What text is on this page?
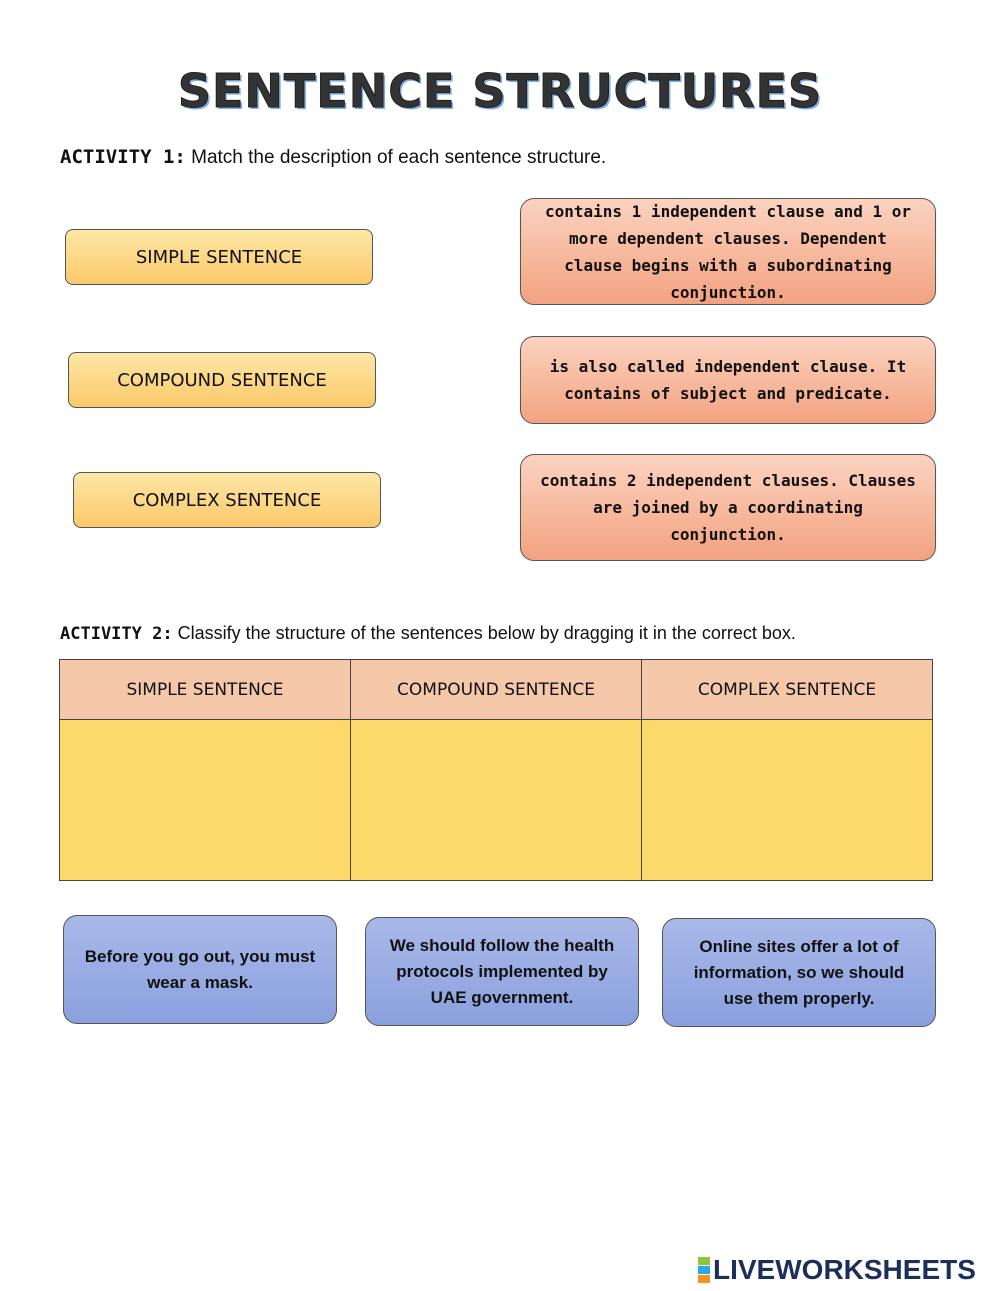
SENTENCE STRUCTURES
ACTIVITY 1: Match the description of each sentence structure.
SIMPLE SENTENCE
COMPOUND SENTENCE
COMPLEX SENTENCE
contains 1 independent clause and 1 or more dependent clauses. Dependent clause begins with a subordinating conjunction.
is also called independent clause. It contains of subject and predicate.
contains 2 independent clauses. Clauses are joined by a coordinating conjunction.
ACTIVITY 2: Classify the structure of the sentences below by dragging it in the correct box.
SIMPLE SENTENCE	COMPOUND SENTENCE	COMPLEX SENTENCE
Before you go out, you must wear a mask.
We should follow the health protocols implemented by UAE government.
Online sites offer a lot of information, so we should use them properly.
LIVEWORKSHEETS
